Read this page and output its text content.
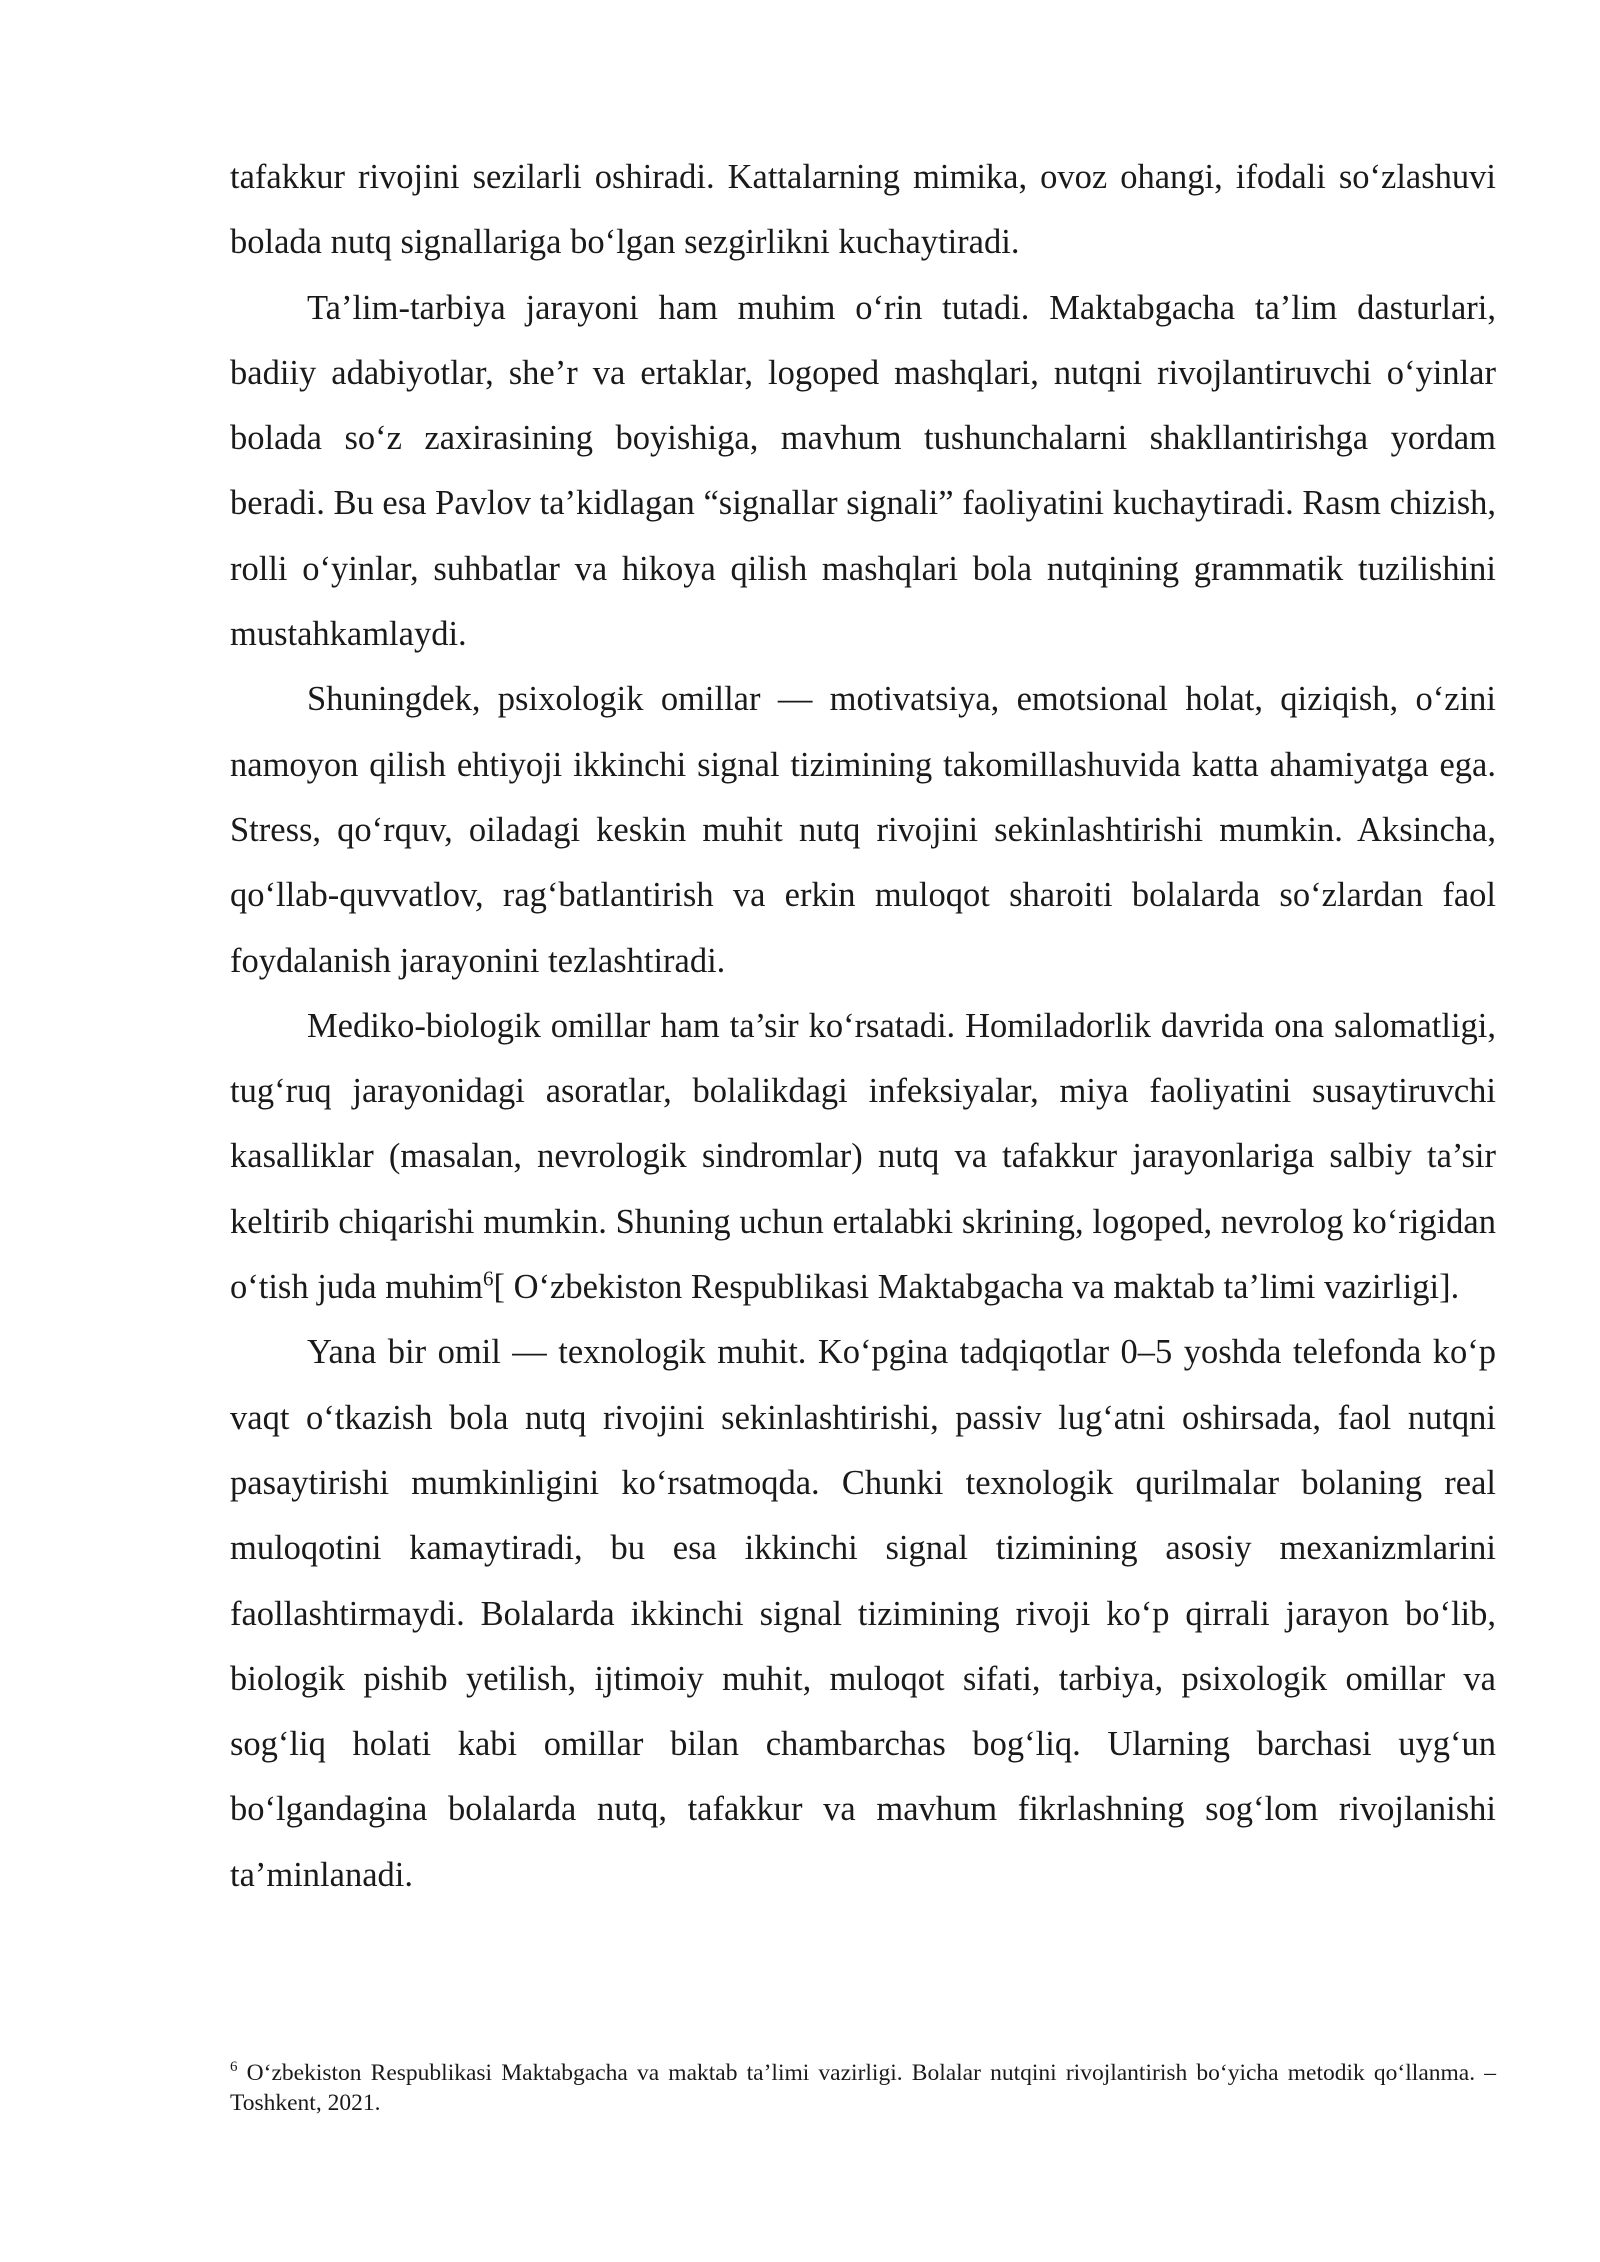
tafakkur rivojini sezilarli oshiradi. Kattalarning mimika, ovoz ohangi, ifodali so‘zlashuvi bolada nutq signallariga bo‘lgan sezgirlikni kuchaytiradi.

Ta’lim-tarbiya jarayoni ham muhim o‘rin tutadi. Maktabgacha ta’lim dasturlari, badiiy adabiyotlar, she’r va ertaklar, logoped mashqlari, nutqni rivojlantiruvchi o‘yinlar bolada so‘z zaxirasining boyishiga, mavhum tushunchalarni shakllantirishga yordam beradi. Bu esa Pavlov ta’kidlagan “signallar signali” faoliyatini kuchaytiradi. Rasm chizish, rolli o‘yinlar, suhbatlar va hikoya qilish mashqlari bola nutqining grammatik tuzilishini mustahkamlaydi.

Shuningdek, psixologik omillar — motivatsiya, emotsional holat, qiziqish, o‘zini namoyon qilish ehtiyoji ikkinchi signal tizimining takomillashuvida katta ahamiyatga ega. Stress, qo‘rquv, oiladagi keskin muhit nutq rivojini sekinlashtirishi mumkin. Aksincha, qo‘llab-quvvatlov, rag‘batlantirish va erkin muloqot sharoiti bolalarda so‘zlardan faol foydalanish jarayonini tezlashtiradi.

Mediko-biologik omillar ham ta’sir ko‘rsatadi. Homiladorlik davrida ona salomatligi, tug‘ruq jarayonidagi asoratlar, bolalikdagi infeksiyalar, miya faoliyatini susaytiruvchi kasalliklar (masalan, nevrologik sindromlar) nutq va tafakkur jarayonlariga salbiy ta’sir keltirib chiqarishi mumkin. Shuning uchun ertalabki skrining, logoped, nevrolog ko‘rigidan o‘tish juda muhim$^6$[ O‘zbekiston Respublikasi Maktabgacha va maktab ta’limi vazirligi].

Yana bir omil — texnologik muhit. Ko‘pgina tadqiqotlar 0–5 yoshda telefonda ko‘p vaqt o‘tkazish bola nutq rivojini sekinlashtirishi, passiv lug‘atni oshirsada, faol nutqni pasaytirishi mumkinligini ko‘rsatmoqda. Chunki texnologik qurilmalar bolaning real muloqotini kamaytiradi, bu esa ikkinchi signal tizimining asosiy mexanizmlarini faollashtirmaydi. Bolalarda ikkinchi signal tizimining rivoji ko‘p qirrali jarayon bo‘lib, biologik pishib yetilish, ijtimoiy muhit, muloqot sifati, tarbiya, psixologik omillar va sog‘liq holati kabi omillar bilan chambarchas bog‘liq. Ularning barchasi uyg‘un bo‘lgandagina bolalarda nutq, tafakkur va mavhum fikrlashning sog‘lom rivojlanishi ta’minlanadi.

$^6$ O‘zbekiston Respublikasi Maktabgacha va maktab ta’limi vazirligi. Bolalar nutqini rivojlantirish bo‘yicha metodik qo‘llanma. – Toshkent, 2021.
